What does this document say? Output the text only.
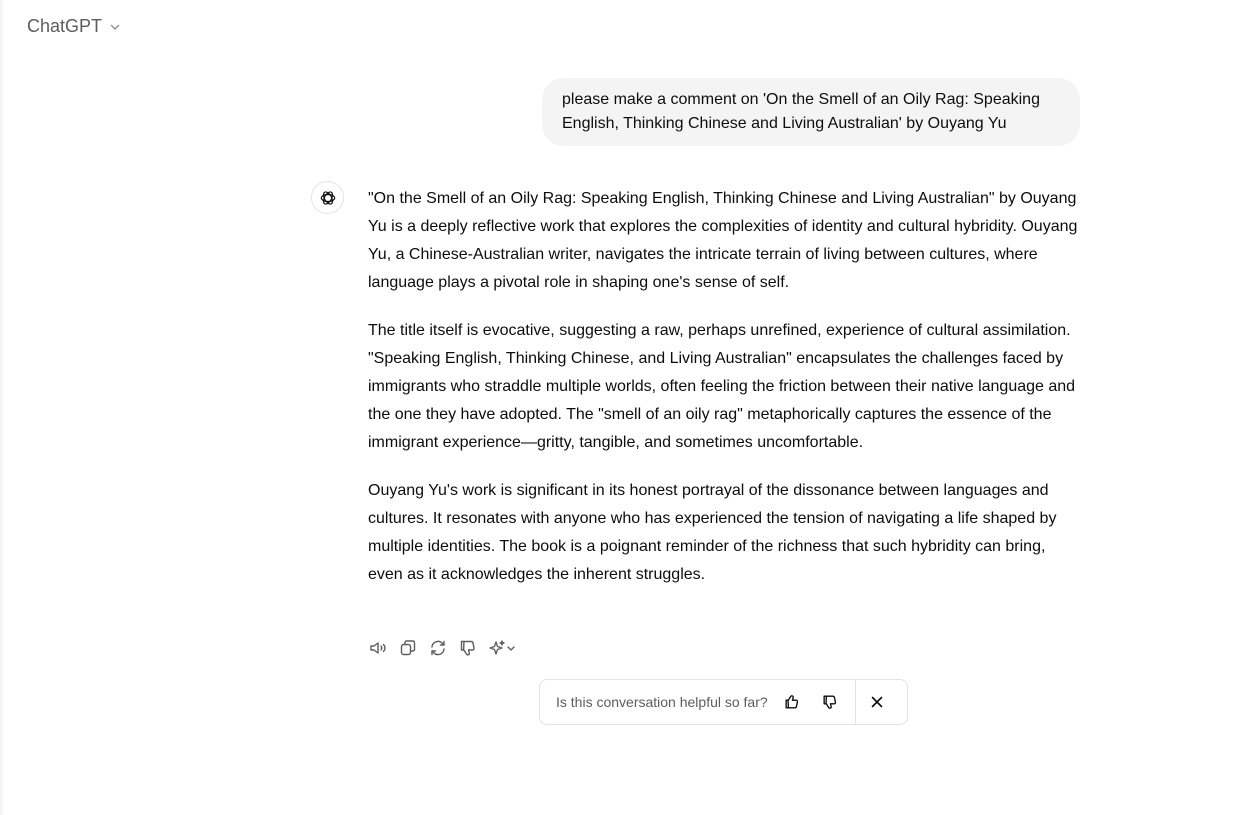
ChatGPT
please make a comment on 'On the Smell of an Oily Rag: Speaking English, Thinking Chinese and Living Australian' by Ouyang Yu

"On the Smell of an Oily Rag: Speaking English, Thinking Chinese and Living Australian" by Ouyang Yu is a deeply reflective work that explores the complexities of identity and cultural hybridity. Ouyang Yu, a Chinese-Australian writer, navigates the intricate terrain of living between cultures, where language plays a pivotal role in shaping one's sense of self.

The title itself is evocative, suggesting a raw, perhaps unrefined, experience of cultural assimilation. "Speaking English, Thinking Chinese, and Living Australian" encapsulates the challenges faced by immigrants who straddle multiple worlds, often feeling the friction between their native language and the one they have adopted. The "smell of an oily rag" metaphorically captures the essence of the immigrant experience—gritty, tangible, and sometimes uncomfortable.

Ouyang Yu's work is significant in its honest portrayal of the dissonance between languages and cultures. It resonates with anyone who has experienced the tension of navigating a life shaped by multiple identities. The book is a poignant reminder of the richness that such hybridity can bring, even as it acknowledges the inherent struggles.

Is this conversation helpful so far?
